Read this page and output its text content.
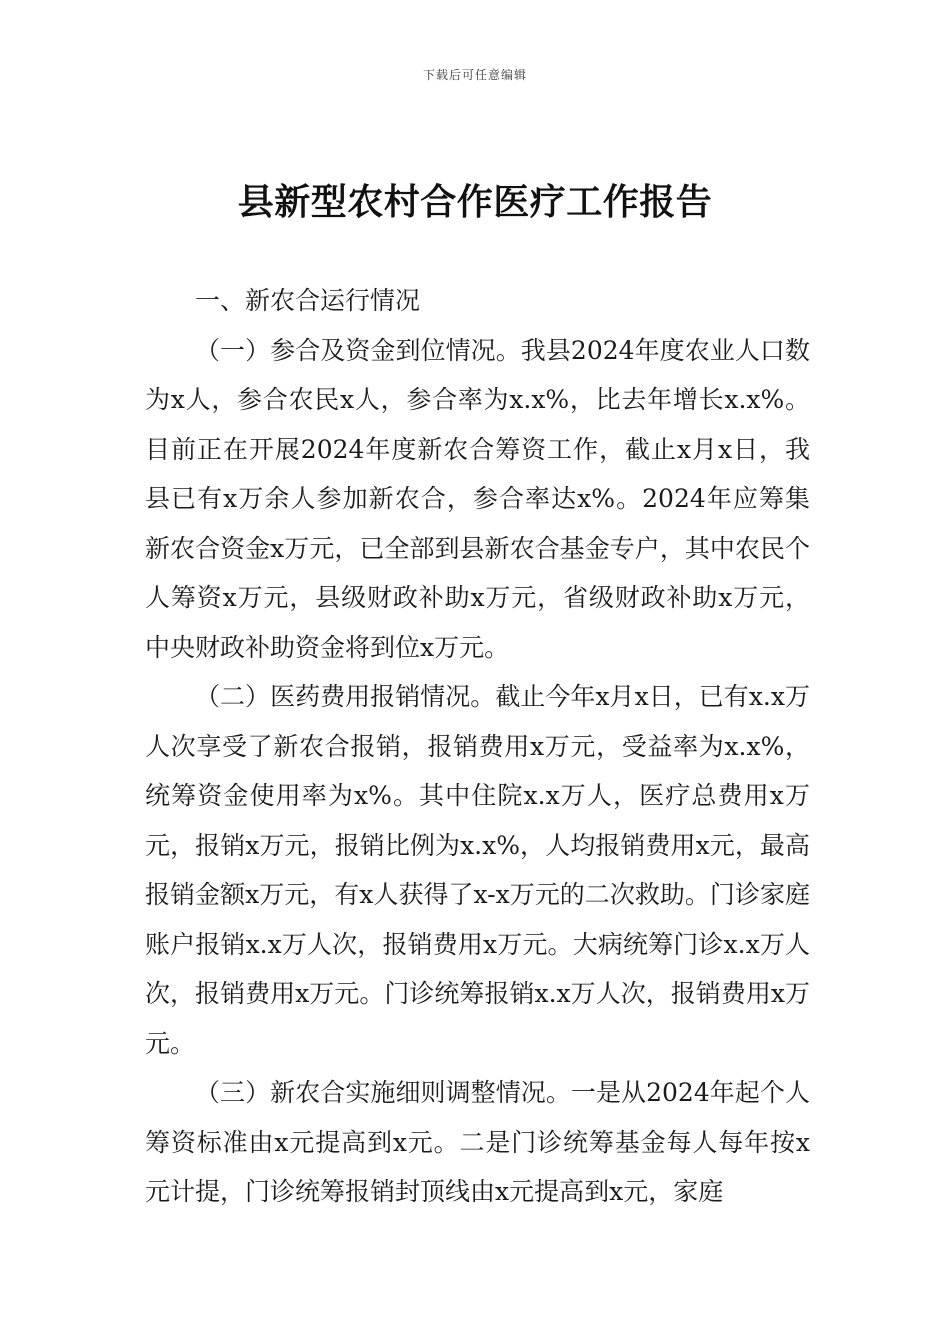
下载后可任意编辑
县新型农村合作医疗工作报告

一、新农合运行情况

（一）参合及资金到位情况。我县2024年度农业人口数为x人，参合农民x人，参合率为x.x%，比去年增长x.x%。目前正在开展2024年度新农合筹资工作，截止x月x日，我县已有x万余人参加新农合，参合率达x%。2024年应筹集新农合资金x万元，已全部到县新农合基金专户，其中农民个人筹资x万元，县级财政补助x万元，省级财政补助x万元，中央财政补助资金将到位x万元。

（二）医药费用报销情况。截止今年x月x日，已有x.x万人次享受了新农合报销，报销费用x万元，受益率为x.x%，统筹资金使用率为x%。其中住院x.x万人，医疗总费用x万元，报销x万元，报销比例为x.x%，人均报销费用x元，最高报销金额x万元，有x人获得了x-x万元的二次救助。门诊家庭账户报销x.x万人次，报销费用x万元。大病统筹门诊x.x万人次，报销费用x万元。门诊统筹报销x.x万人次，报销费用x万元。

（三）新农合实施细则调整情况。一是从2024年起个人筹资标准由x元提高到x元。二是门诊统筹基金每人每年按x元计提，门诊统筹报销封顶线由x元提高到x元，家庭
